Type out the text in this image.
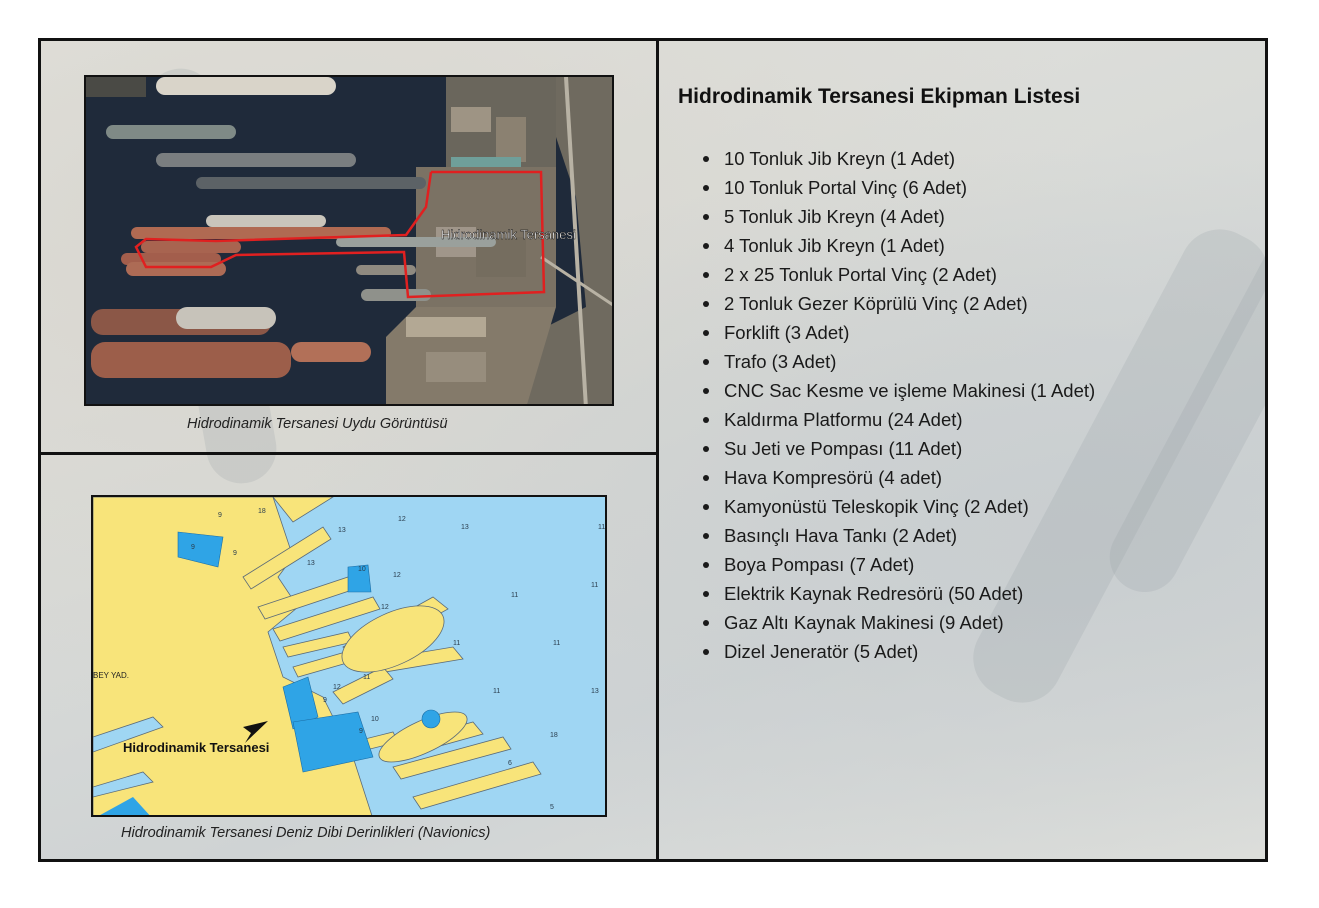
Hidrodinamik Tersanesi
Hidrodinamik Tersanesi Uydu Görüntüsü
9
18
13
12
13	11
9
9
13
10
12
11
11
12
11	11
11
12
11	13
9
18
10
9
6
5
BEY YAD.
Hidrodinamik Tersanesi
Hidrodinamik Tersanesi Deniz Dibi Derinlikleri (Navionics)
Hidrodinamik Tersanesi Ekipman Listesi
10 Tonluk Jib Kreyn (1 Adet)
10 Tonluk Portal Vinç (6 Adet)
5 Tonluk Jib Kreyn (4 Adet)
4 Tonluk Jib Kreyn (1 Adet)
2 x 25 Tonluk Portal Vinç (2 Adet)
2 Tonluk Gezer Köprülü Vinç (2 Adet)
Forklift (3 Adet)
Trafo (3 Adet)
CNC Sac Kesme ve işleme Makinesi (1 Adet)
Kaldırma Platformu (24 Adet)
Su Jeti ve Pompası (11 Adet)
Hava Kompresörü (4 adet)
Kamyonüstü Teleskopik Vinç (2 Adet)
Basınçlı Hava Tankı (2 Adet)
Boya Pompası (7 Adet)
Elektrik Kaynak Redresörü (50 Adet)
Gaz Altı Kaynak Makinesi (9 Adet)
Dizel Jeneratör (5 Adet)
